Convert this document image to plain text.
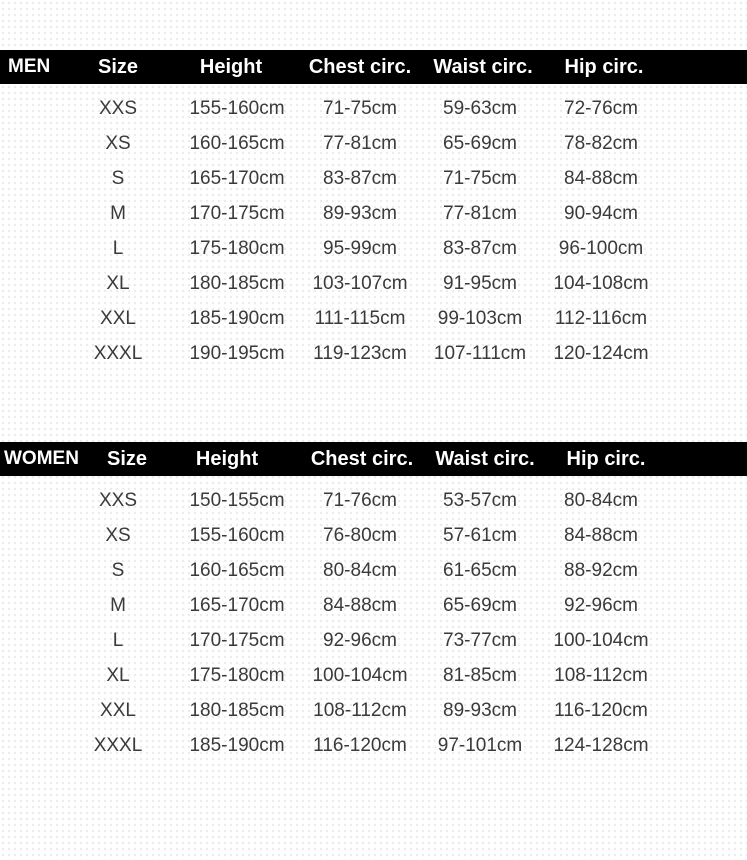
MEN Size	Height Chest circ. Waist circ. Hip circ.
XXS	155-160cm 71-75cm 59-63cm 72-76cm
XS	160-165cm 77-81cm 65-69cm 78-82cm
S	165-170cm 83-87cm 71-75cm 84-88cm
M	170-175cm 89-93cm 77-81cm 90-94cm
L	175-180cm 95-99cm 83-87cm 96-100cm
XL	180-185cm 103-107cm 91-95cm 104-108cm
XXL	185-190cm 111-115cm 99-103cm 112-116cm
XXXL 190-195cm 119-123cm 107-111cm 120-124cm
WOMEN Size Height	Chest circ. Waist circ. Hip circ.
XXS	150-155cm 71-76cm 53-57cm 80-84cm
XS	155-160cm 76-80cm 57-61cm 84-88cm
S	160-165cm 80-84cm 61-65cm 88-92cm
M	165-170cm 84-88cm 65-69cm 92-96cm
L	170-175cm 92-96cm 73-77cm 100-104cm
XL	175-180cm 100-104cm 81-85cm 108-112cm
XXL	180-185cm 108-112cm 89-93cm 116-120cm
XXXL 185-190cm 116-120cm 97-101cm 124-128cm
